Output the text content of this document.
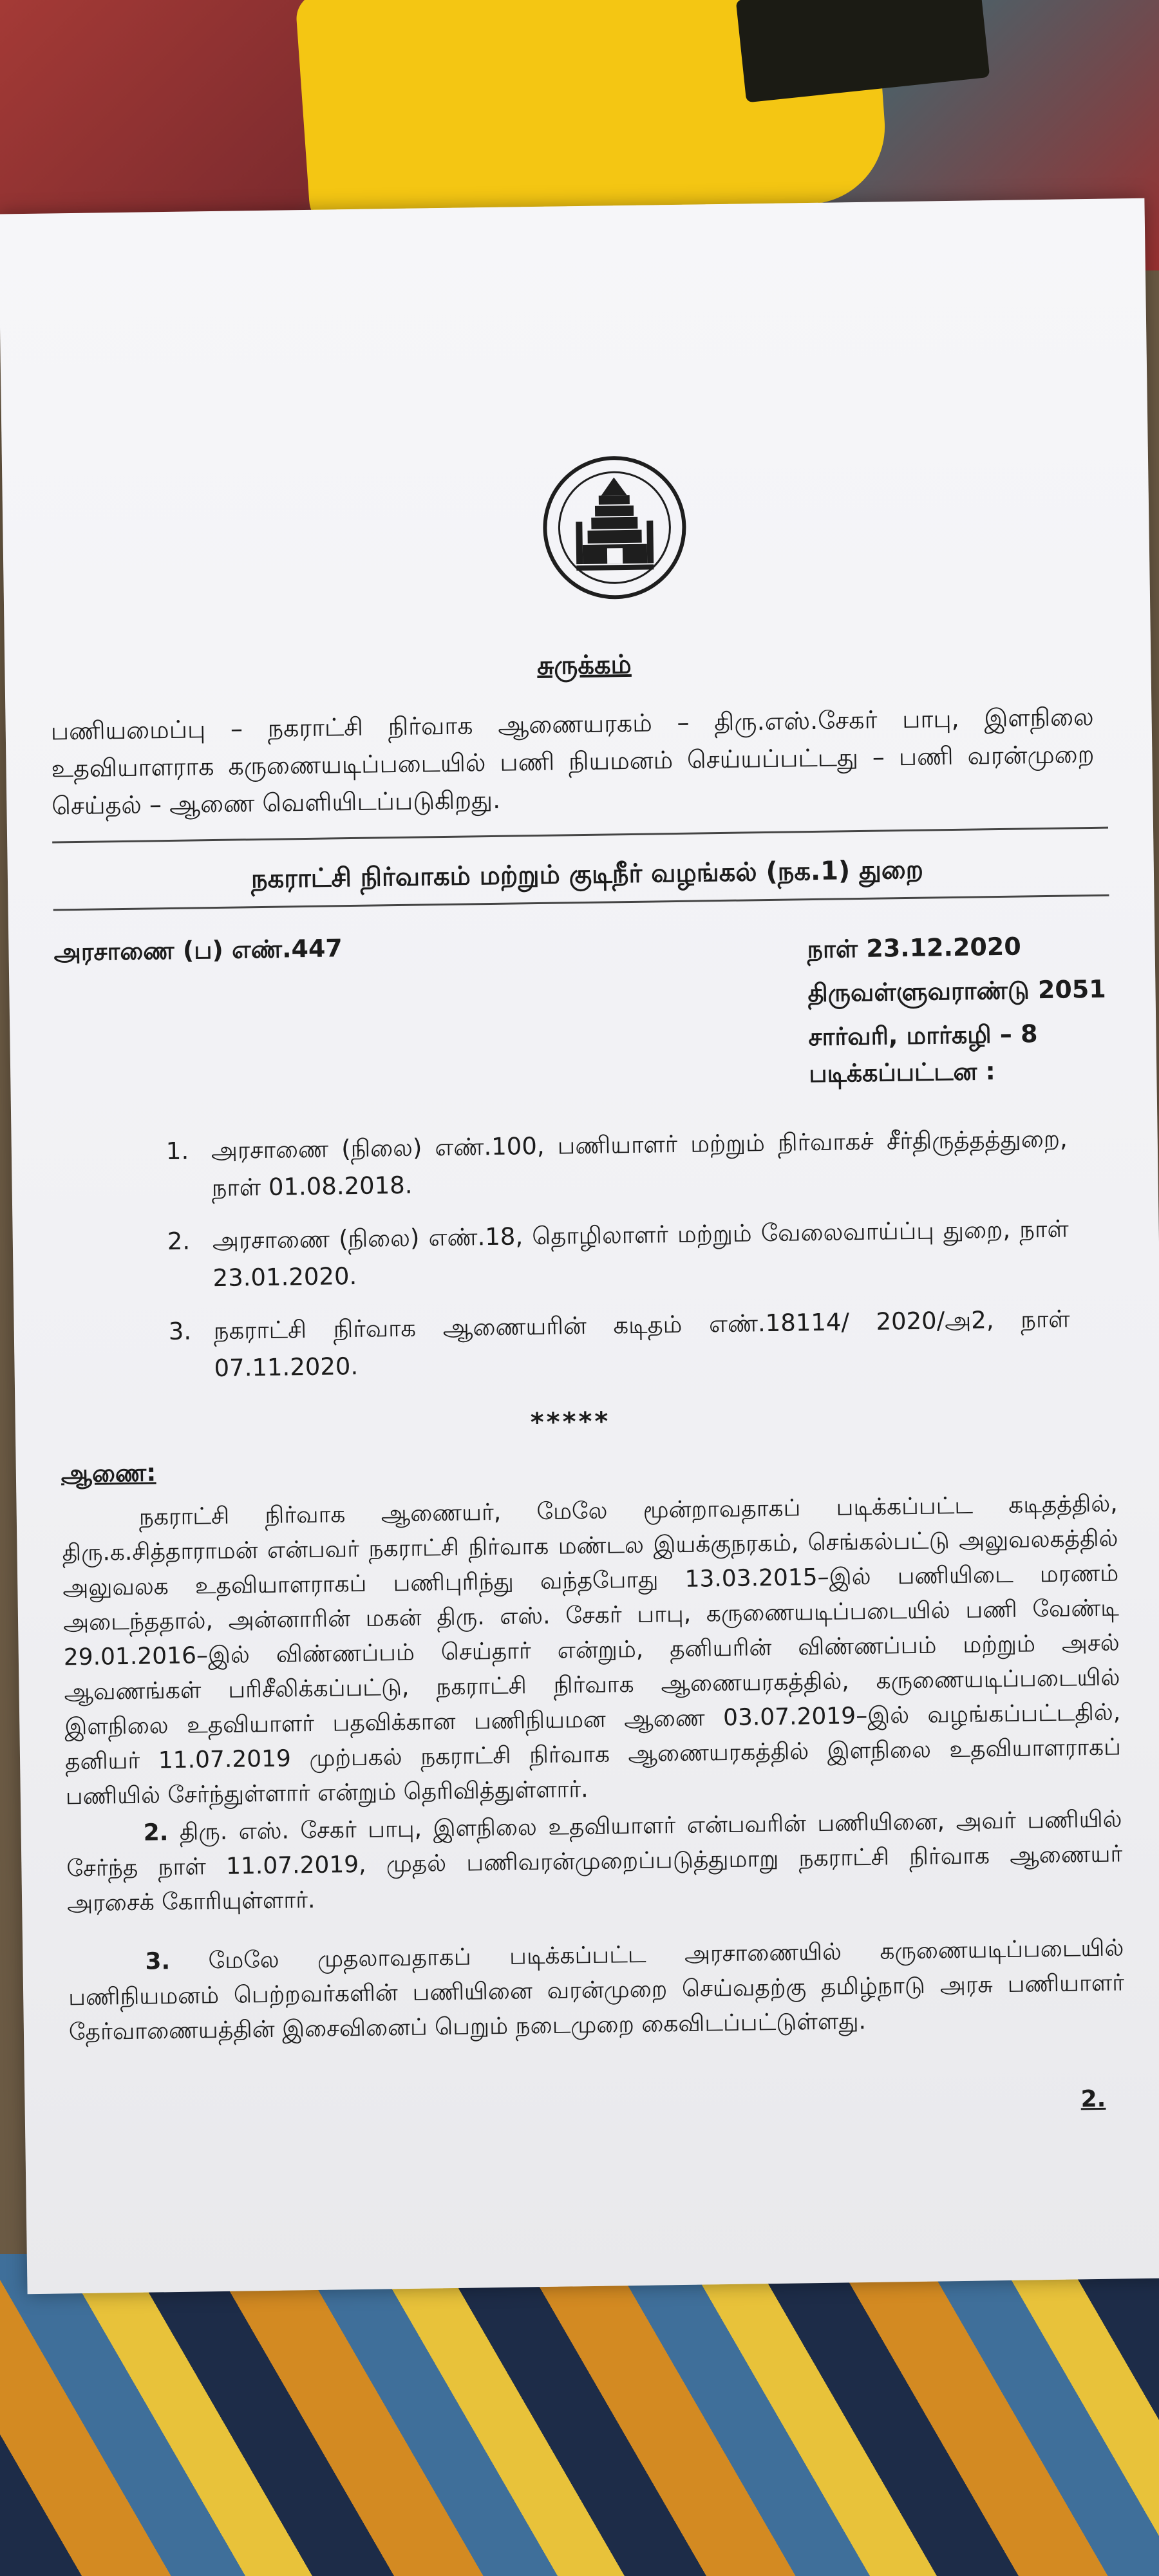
சுருக்கம்
பணியமைப்பு – நகராட்சி நிர்வாக ஆணையரகம் – திரு.எஸ்.சேகர் பாபு, இளநிலை உதவியாளராக கருணையடிப்படையில் பணி நியமனம் செய்யப்பட்டது – பணி வரன்முறை செய்தல் – ஆணை வெளியிடப்படுகிறது.
நகராட்சி நிர்வாகம் மற்றும் குடிநீர் வழங்கல் (நக.1) துறை
அரசாணை (ப) எண்.447	நாள் 23.12.2020
திருவள்ளுவராண்டு 2051
சார்வரி, மார்கழி – 8
படிக்கப்பட்டன :
1. அரசாணை (நிலை) எண்.100, பணியாளர் மற்றும் நிர்வாகச் சீர்திருத்தத்துறை, நாள் 01.08.2018.
2. அரசாணை (நிலை) எண்.18, தொழிலாளர் மற்றும் வேலைவாய்ப்பு துறை, நாள் 23.01.2020.
3. நகராட்சி நிர்வாக ஆணையரின் கடிதம் எண்.18114/ 2020/அ2, நாள் 07.11.2020.
*****
ஆணை:

நகராட்சி நிர்வாக ஆணையர், மேலே மூன்றாவதாகப் படிக்கப்பட்ட கடிதத்தில், திரு.க.சித்தாராமன் என்பவர் நகராட்சி நிர்வாக மண்டல இயக்குநரகம், செங்கல்பட்டு அலுவலகத்தில் அலுவலக உதவியாளராகப் பணிபுரிந்து வந்தபோது 13.03.2015–இல் பணியிடை மரணம் அடைந்ததால், அன்னாரின் மகன் திரு. எஸ். சேகர் பாபு, கருணையடிப்படையில் பணி வேண்டி 29.01.2016–இல் விண்ணப்பம் செய்தார் என்றும், தனியரின் விண்ணப்பம் மற்றும் அசல் ஆவணங்கள் பரிசீலிக்கப்பட்டு, நகராட்சி நிர்வாக ஆணையரகத்தில், கருணையடிப்படையில் இளநிலை உதவியாளர் பதவிக்கான பணிநியமன ஆணை 03.07.2019–இல் வழங்கப்பட்டதில், தனியர் 11.07.2019 முற்பகல் நகராட்சி நிர்வாக ஆணையரகத்தில் இளநிலை உதவியாளராகப் பணியில் சேர்ந்துள்ளார் என்றும் தெரிவித்துள்ளார்.

2. திரு. எஸ். சேகர் பாபு, இளநிலை உதவியாளர் என்பவரின் பணியினை, அவர் பணியில் சேர்ந்த நாள் 11.07.2019, முதல் பணிவரன்முறைப்படுத்துமாறு நகராட்சி நிர்வாக ஆணையர் அரசைக் கோரியுள்ளார்.

3. மேலே முதலாவதாகப் படிக்கப்பட்ட அரசாணையில் கருணையடிப்படையில் பணிநியமனம் பெற்றவர்களின் பணியினை வரன்முறை செய்வதற்கு தமிழ்நாடு அரசு பணியாளர் தேர்வாணையத்தின் இசைவினைப் பெறும் நடைமுறை கைவிடப்பட்டுள்ளது.

2.
